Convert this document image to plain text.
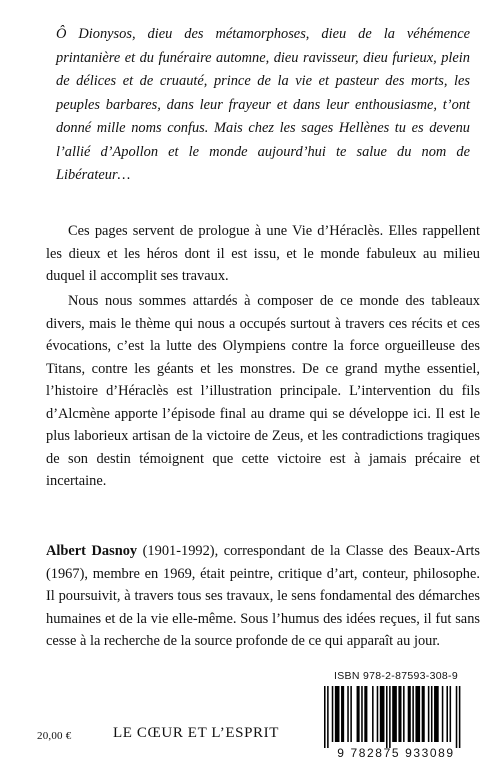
Ô Dionysos, dieu des métamorphoses, dieu de la véhémence printanière et du funéraire automne, dieu ravisseur, dieu furieux, plein de délices et de cruauté, prince de la vie et pasteur des morts, les peuples barbares, dans leur frayeur et dans leur enthousiasme, t’ont donné mille noms confus. Mais chez les sages Hellènes tu es devenu l’allié d’Apollon et le monde aujourd’hui te salue du nom de Libérateur…

Ces pages servent de prologue à une Vie d’Héraclès. Elles rappellent les dieux et les héros dont il est issu, et le monde fabuleux au milieu duquel il accomplit ses travaux.

Nous nous sommes attardés à composer de ce monde des tableaux divers, mais le thème qui nous a occupés surtout à travers ces récits et ces évocations, c’est la lutte des Olympiens contre la force orgueilleuse des Titans, contre les géants et les monstres. De ce grand mythe essentiel, l’histoire d’Héraclès est l’illustration principale. L’intervention du fils d’Alcmène apporte l’épisode final au drame qui se développe ici. Il est le plus laborieux artisan de la victoire de Zeus, et les contradictions tragiques de son destin témoignent que cette victoire est à jamais précaire et incertaine.

Albert Dasnoy (1901-1992), correspondant de la Classe des Beaux-Arts (1967), membre en 1969, était peintre, critique d’art, conteur, philosophe. Il poursuivit, à travers tous ses travaux, le sens fondamental des démarches humaines et de la vie elle-même. Sous l’humus des idées reçues, il fut sans cesse à la recherche de la source profonde de ce qui apparaît au jour.

20,00 €	LE CŒUR ET L’ESPRIT
ISBN 978-2-87593-308-9
9 782875 933089
